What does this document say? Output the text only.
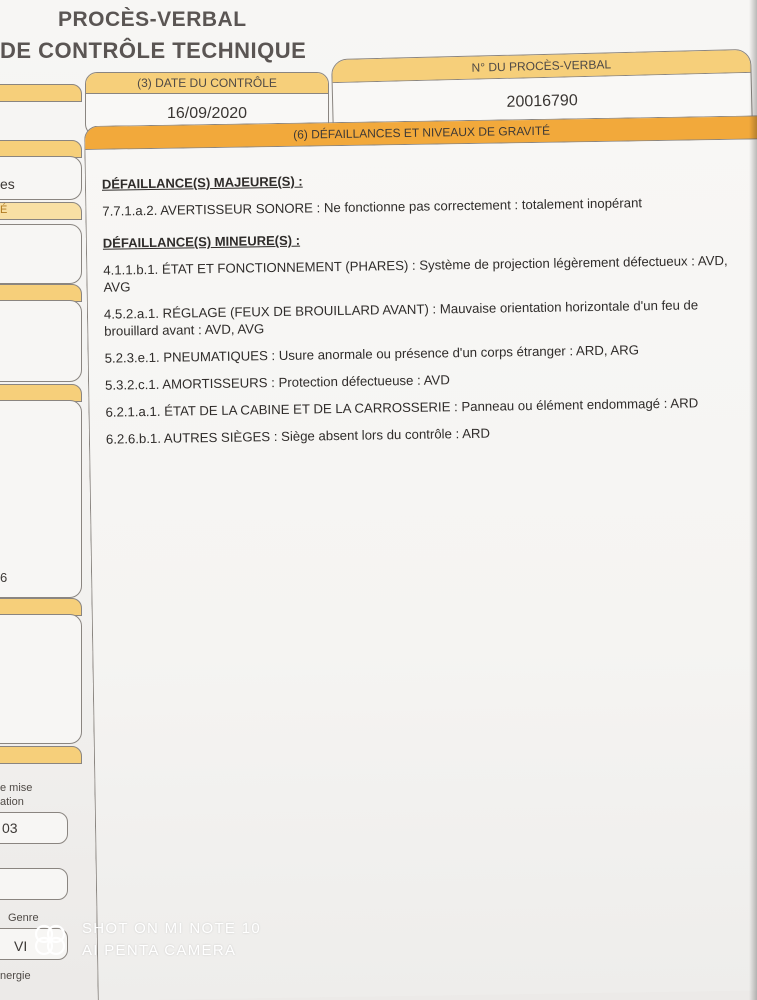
PROCÈS-VERBAL
DE CONTRÔLE TECHNIQUE
es
É
6
e mise
ation
03
Genre
VI
nergie
(3) DATE DU CONTRÔLE
16/09/2020
N° DU PROCÈS-VERBAL
20016790
(6) DÉFAILLANCES ET NIVEAUX DE GRAVITÉ
DÉFAILLANCE(S) MAJEURE(S) :
7.7.1.a.2. AVERTISSEUR SONORE : Ne fonctionne pas correctement : totalement inopérant
DÉFAILLANCE(S) MINEURE(S) :
4.1.1.b.1. ÉTAT ET FONCTIONNEMENT (PHARES) : Système de projection légèrement défectueux : AVD, AVG
4.5.2.a.1. RÉGLAGE (FEUX DE BROUILLARD AVANT) : Mauvaise orientation horizontale d'un feu de brouillard avant : AVD, AVG
5.2.3.e.1. PNEUMATIQUES : Usure anormale ou présence d'un corps étranger : ARD, ARG
5.3.2.c.1. AMORTISSEURS : Protection défectueuse : AVD
6.2.1.a.1. ÉTAT DE LA CABINE ET DE LA CARROSSERIE : Panneau ou élément endommagé : ARD
6.2.6.b.1. AUTRES SIÈGES : Siège absent lors du contrôle : ARD
SHOT ON MI NOTE 10
AI PENTA CAMERA
